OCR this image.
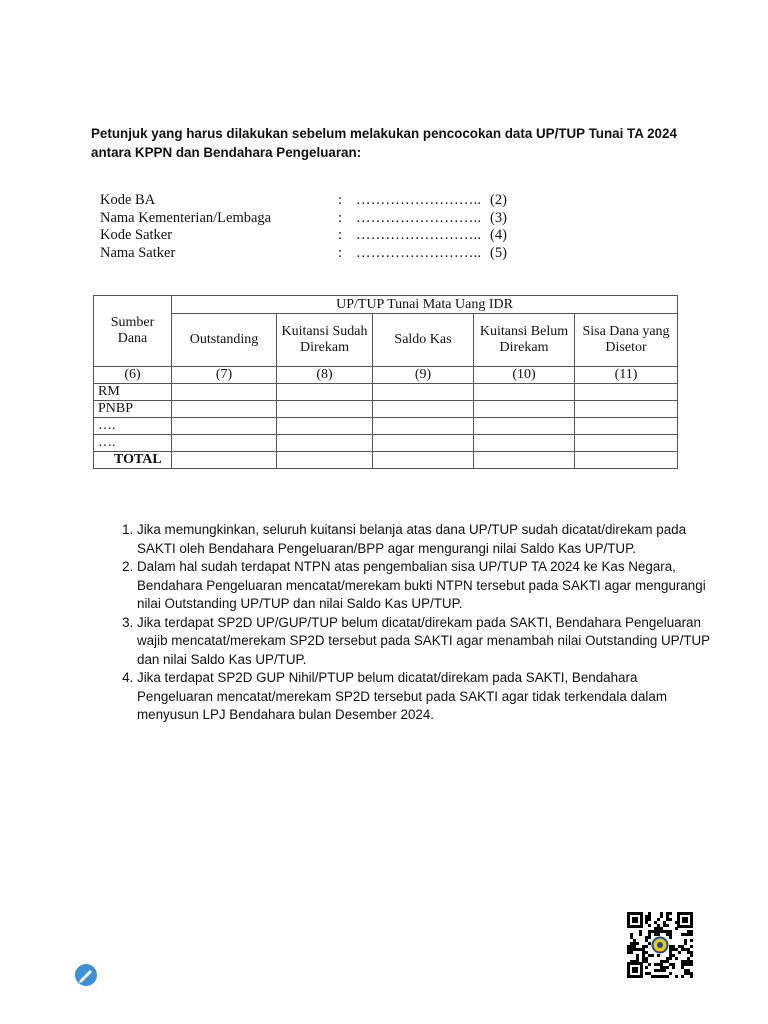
Petunjuk yang harus dilakukan sebelum melakukan pencocokan data UP/TUP Tunai TA 2024 antara KPPN dan Bendahara Pengeluaran:

Kode BA	: …………………….. (2)
Nama Kementerian/Lembaga	: …………………….. (3)
Kode Satker	: …………………….. (4)
Nama Satker	: …………………….. (5)
Sumber Dana	UP/TUP Tunai Mata Uang IDR				
	Outstanding	Kuitansi Sudah Direkam	Saldo Kas	Kuitansi Belum Direkam	Sisa Dana yang Disetor
(6)	(7)	(8)	(9)	(10)	(11)
RM					
PNBP					
….					
….					
TOTAL					
1. Jika memungkinkan, seluruh kuitansi belanja atas dana UP/TUP sudah dicatat/direkam pada SAKTI oleh Bendahara Pengeluaran/BPP agar mengurangi nilai Saldo Kas UP/TUP.
2. Dalam hal sudah terdapat NTPN atas pengembalian sisa UP/TUP TA 2024 ke Kas Negara, Bendahara Pengeluaran mencatat/merekam bukti NTPN tersebut pada SAKTI agar mengurangi nilai Outstanding UP/TUP dan nilai Saldo Kas UP/TUP.
3. Jika terdapat SP2D UP/GUP/TUP belum dicatat/direkam pada SAKTI, Bendahara Pengeluaran wajib mencatat/merekam SP2D tersebut pada SAKTI agar menambah nilai Outstanding UP/TUP dan nilai Saldo Kas UP/TUP.
4. Jika terdapat SP2D GUP Nihil/PTUP belum dicatat/direkam pada SAKTI, Bendahara Pengeluaran mencatat/merekam SP2D tersebut pada SAKTI agar tidak terkendala dalam menyusun LPJ Bendahara bulan Desember 2024.
